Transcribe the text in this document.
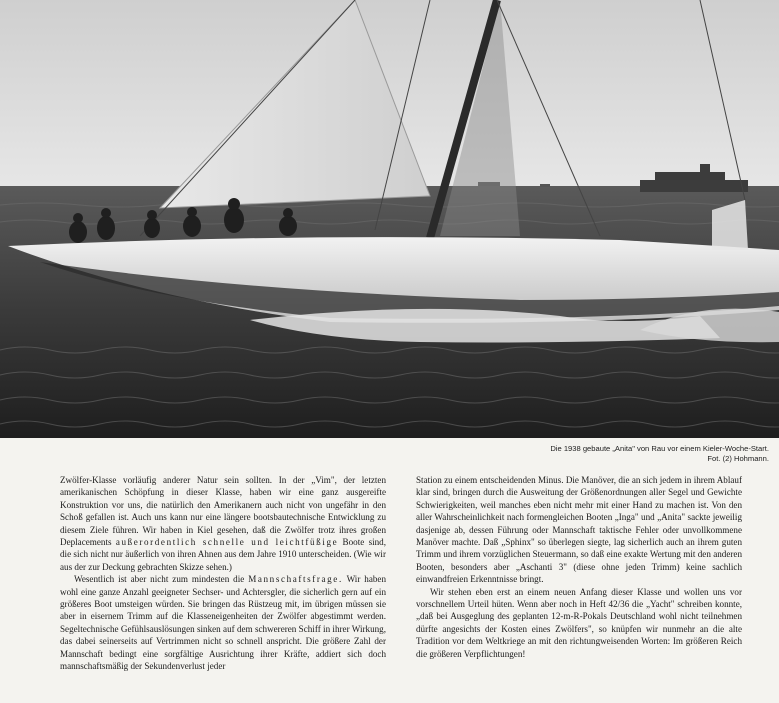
Die 1938 gebaute „Anita" von Rau vor einem Kieler-Woche-Start.
Fot. (2) Hohmann.

Zwölfer-Klasse vorläufig anderer Natur sein sollten. In der „Vim", der letzten amerikanischen Schöpfung in dieser Klasse, haben wir eine ganz ausgereifte Konstruktion vor uns, die natürlich den Amerikanern auch nicht von ungefähr in den Schoß gefallen ist. Auch uns kann nur eine längere bootsbautechnische Entwicklung zu diesem Ziele führen. Wir haben in Kiel gesehen, daß die Zwölfer trotz ihres großen Deplacements außerordentlich schnelle und leichtfüßige Boote sind, die sich nicht nur äußerlich von ihren Ahnen aus dem Jahre 1910 unterscheiden. (Wie wir aus der zur Deckung gebrachten Skizze sehen.)

Wesentlich ist aber nicht zum mindesten die Mannschaftsfrage. Wir haben wohl eine ganze Anzahl geeigneter Sechser- und Achtersgler, die sicherlich gern auf ein größeres Boot umsteigen würden. Sie bringen das Rüstzeug mit, im übrigen müssen sie aber in eisernem Trimm auf die Klasseneigenheiten der Zwölfer abgestimmt werden. Segeltechnische Gefühlsauslösungen sinken auf dem schwereren Schiff in ihrer Wirkung, das dabei seinerseits auf Vertrimmen nicht so schnell anspricht. Die größere Zahl der Mannschaft bedingt eine sorgfältige Ausrichtung ihrer Kräfte, addiert sich doch mannschaftsmäßig der Sekundenverlust jeder

Station zu einem entscheidenden Minus. Die Manöver, die an sich jedem in ihrem Ablauf klar sind, bringen durch die Ausweitung der Größenordnungen aller Segel und Gewichte Schwierigkeiten, weil manches eben nicht mehr mit einer Hand zu machen ist. Von den aller Wahrscheinlichkeit nach formengleichen Booten „Inga" und „Anita" sackte jeweilig dasjenige ab, dessen Führung oder Mannschaft taktische Fehler oder unvollkommene Manöver machte. Daß „Sphinx" so überlegen siegte, lag sicherlich auch an ihrem guten Trimm und ihrem vorzüglichen Steuermann, so daß eine exakte Wertung mit den anderen Booten, besonders aber „Aschanti 3" (diese ohne jeden Trimm) keine sachlich einwandfreien Erkenntnisse bringt.

Wir stehen eben erst an einem neuen Anfang dieser Klasse und wollen uns vor vorschnellem Urteil hüten. Wenn aber noch in Heft 42/36 die „Yacht" schreiben konnte, „daß bei Ausgeglung des geplanten 12-m-R-Pokals Deutschland wohl nicht teilnehmen dürfte angesichts der Kosten eines Zwölfers", so knüpfen wir nunmehr an die alte Tradition vor dem Weltkriege an mit den richtungweisenden Worten: Im größeren Reich die größeren Verpflichtungen!
